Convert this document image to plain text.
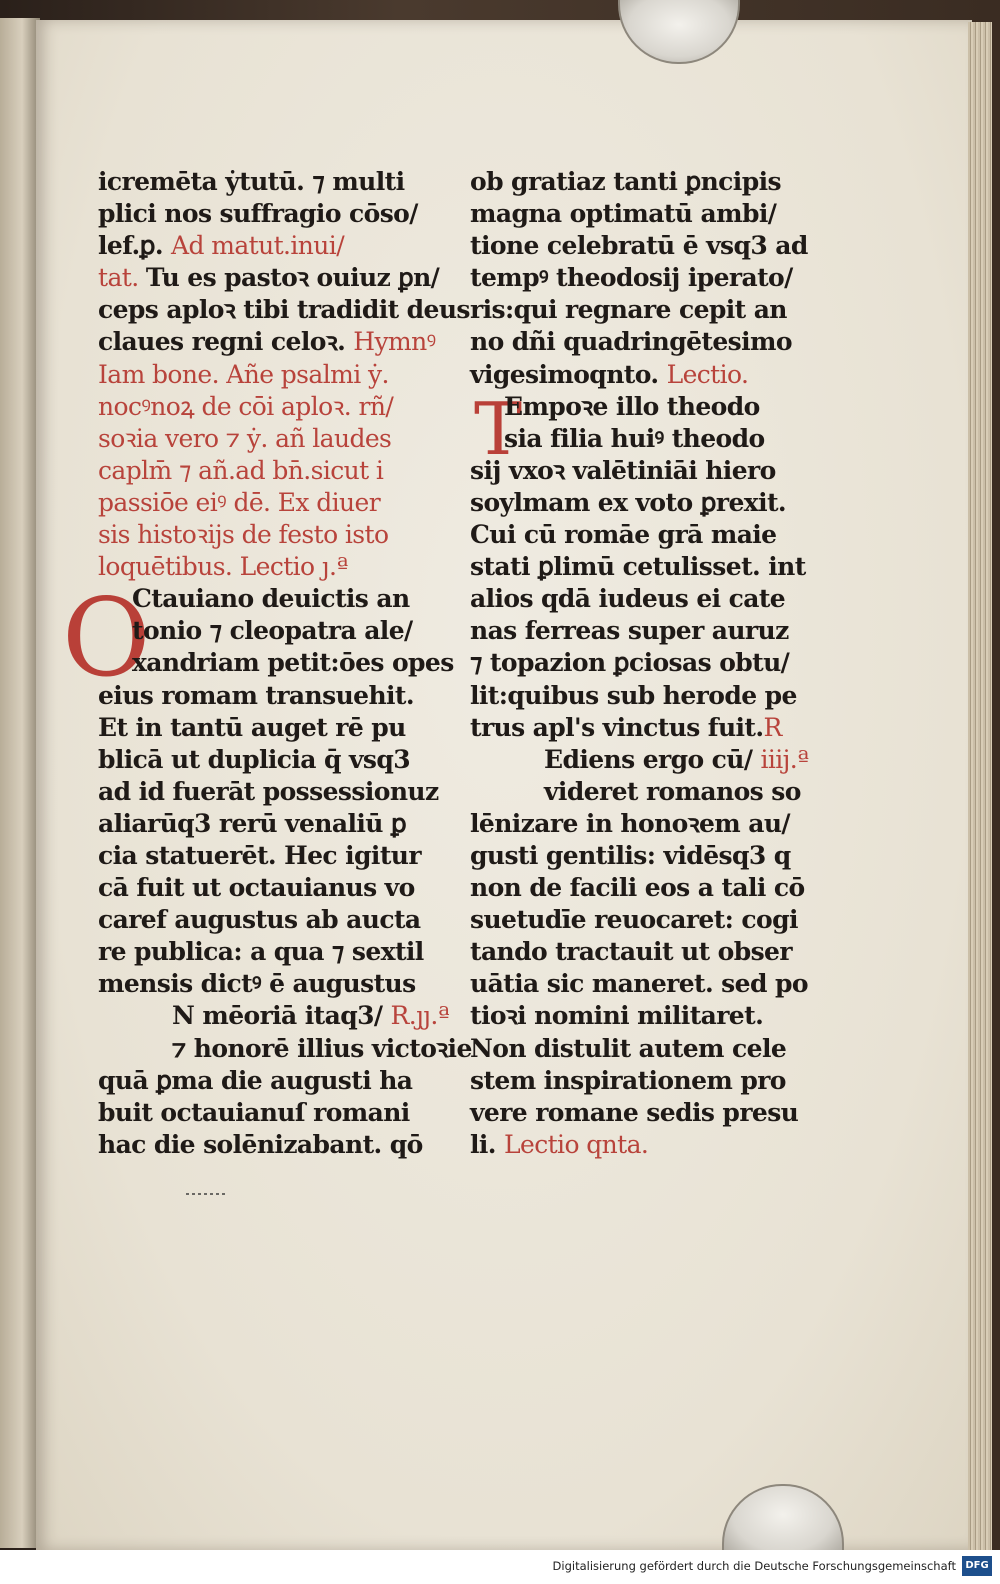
O
T
icremēta ẏtutū. ⁊ multi
plici nos suffragio cōso/
lef.ꝑ. Ad matut.inui/
tat. Tu es pastoꝛ ouiuz ꝑn/
ceps aploꝛ tibi tradidit deus
claues regni celoꝛ. Hymnꝰ
Iam bone. Añe psalmi ẏ.
nocꝰnoꝝ de cōi aploꝛ. rñ/
soꝛia vero ⁊ ẏ. añ laudes
caplm̄ ⁊ añ.ad bn̄.sicut i
passiōe eiꝰ dē. Ex diuer
sis histoꝛijs de festo isto
loquētibus. Lectio ȷ.ª
Ctauiano deuictis an
tonio ⁊ cleopatra ale/
xandriam petit:ōes opes
eius romam transuehit.
Et in tantū auget rē pu
blicā ut duplicia q̄ vsq3
ad id fuerāt possessionuz
aliarūq3 rerū venaliū ꝑ
cia statuerēt. Hec igitur
cā fuit ut octauianus vo
caref augustus ab aucta
re publica: a qua ⁊ sextil
mensis dictꝰ ē augustus
N mēoriā itaq3/ R.ȷȷ.ª
⁊ honorē illius victoꝛie
quā ꝑma die augusti ha
buit octauianuſ romani
hac die solēnizabant. qō
ob gratiaz tanti ꝑncipis
magna optimatū ambi/
tione celebratū ē vsq3 ad
tempꝰ theodosij iperato/
ris:qui regnare cepit an
no dñi quadringētesimo
vigesimoqnto. Lectio.
Empoꝛe illo theodo
sia filia huiꝰ theodo
sij vxoꝛ valētiniāi hiero
soylmam ex voto ꝑrexit.
Cui cū romāe grā maie
stati ꝑlimū cetulisset. int
alios qdā iudeus ei cate
nas ferreas super auruz
⁊ topazion ꝑciosas obtu/
lit:quibus sub herode pe
trus apl's vinctus fuit.R
Ediens ergo cū/ iiij.ª
videret romanos so
lēnizare in honoꝛem au/
gusti gentilis: vidēsq3 q
non de facili eos a tali cō
suetudīe reuocaret: cogi
tando tractauit ut obser
uātia sic maneret. sed po
tioꝛi nomini militaret.
Non distulit autem cele
stem inspirationem pro
vere romane sedis presu
li. Lectio qnta.
Digitalisierung gefördert durch die Deutsche Forschungsgemeinschaft DFG
